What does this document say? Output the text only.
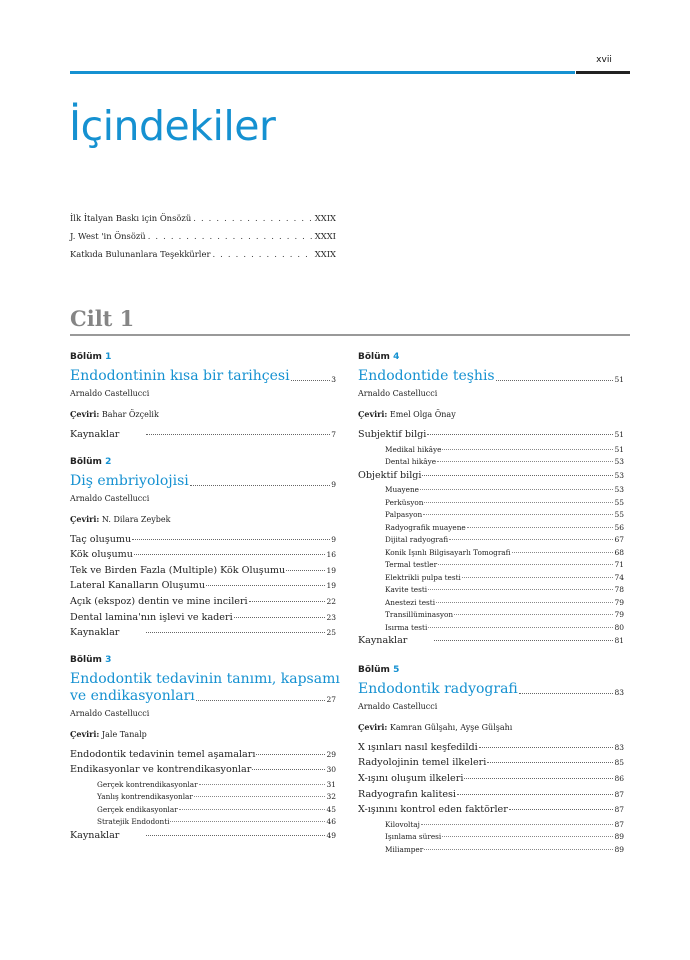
xvii
İçindekiler
İlk İtalyan Baskı için Önsözü . . .	XXIX
J. West 'in Önsözü . . .	XXXI
Katkıda Bulunanlara Teşekkürler . . .	XXIX
Cilt 1
Bölüm 1
Endodontinin kısa bir tarihçesi	3
Arnaldo Castellucci
Çeviri: Bahar Özçelik
Kaynaklar	7
Bölüm 2
Diş embriyolojisi	9
Arnaldo Castellucci
Çeviri: N. Dilara Zeybek
Taç oluşumu	9
Kök oluşumu	16
Tek ve Birden Fazla (Multiple) Kök Oluşumu	19
Lateral Kanalların Oluşumu	19
Açık (ekspoz) dentin ve mine incileri	22
Dental lamina'nın işlevi ve kaderi	23
Kaynaklar	25
Bölüm 3
Endodontik tedavinin tanımı, kapsamı
ve endikasyonları	27
Arnaldo Castellucci
Çeviri: Jale Tanalp
Endodontik tedavinin temel aşamaları	29
Endikasyonlar ve kontrendikasyonlar	30
Gerçek kontrendikasyonlar	31
Yanlış kontrendikasyonlar	32
Gerçek endikasyonlar	45
Stratejik Endodonti	46
Kaynaklar	49
Bölüm 4
Endodontide teşhis	51
Arnaldo Castellucci
Çeviri: Emel Olga Önay
Subjektif bilgi	51
Medikal hikâye	51
Dental hikâye	53
Objektif bilgi	53
Muayene	53
Perküsyon	55
Palpasyon	55
Radyografik muayene	56
Dijital radyografi	67
Konik Işınlı Bilgisayarlı Tomografi	68
Termal testler	71
Elektrikli pulpa testi	74
Kavite testi	78
Anestezi testi	79
Transillüminasyon	79
Isırma testi	80
Kaynaklar	81
Bölüm 5
Endodontik radyografi	83
Arnaldo Castellucci
Çeviri: Kamran Gülşahı, Ayşe Gülşahı
X ışınları nasıl keşfedildi	83
Radyolojinin temel ilkeleri	85
X-ışını oluşum ilkeleri	86
Radyografın kalitesi	87
X-ışınını kontrol eden faktörler	87
Kilovoltaj	87
Işınlama süresi	89
Miliamper	89
